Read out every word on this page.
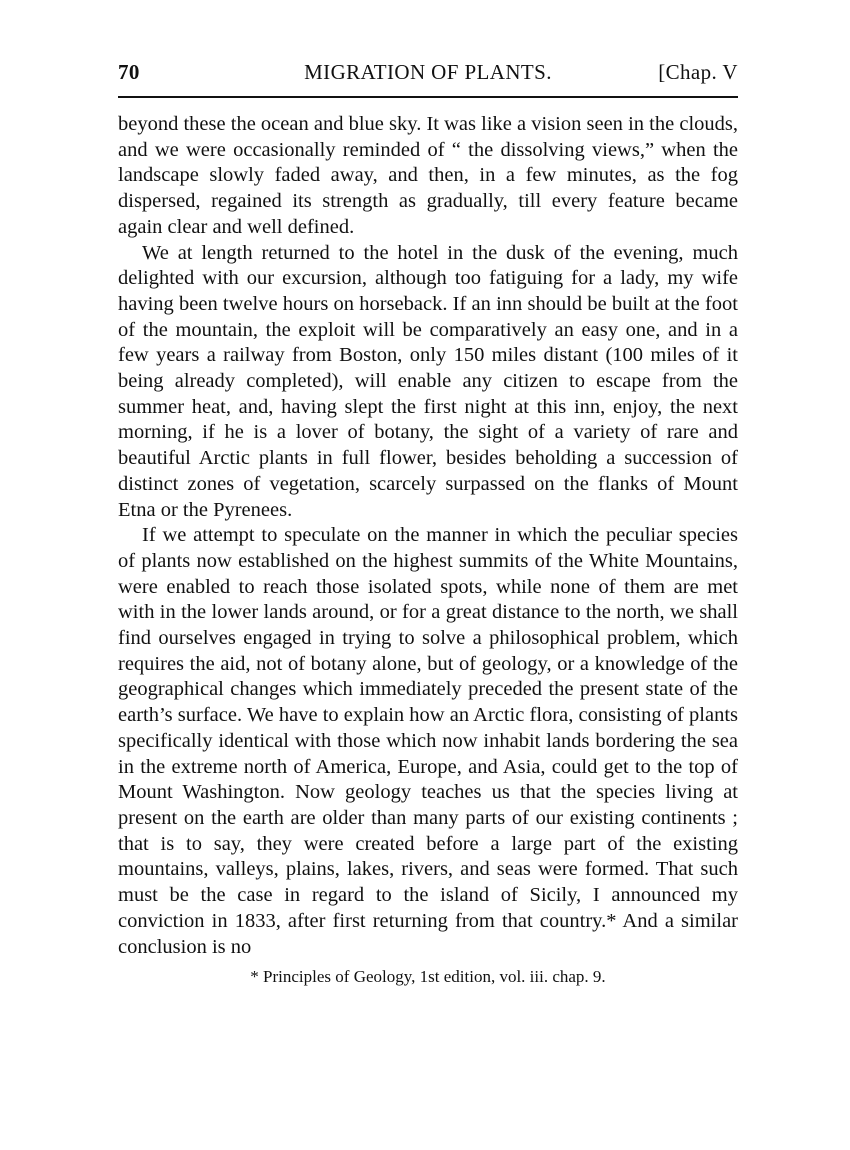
70	MIGRATION OF PLANTS.	[Chap. V

beyond these the ocean and blue sky. It was like a vision seen in the clouds, and we were occasionally reminded of “ the dissolving views,” when the landscape slowly faded away, and then, in a few minutes, as the fog dispersed, regained its strength as gradually, till every feature became again clear and well defined.

We at length returned to the hotel in the dusk of the evening, much delighted with our excursion, although too fatiguing for a lady, my wife having been twelve hours on horseback. If an inn should be built at the foot of the mountain, the exploit will be comparatively an easy one, and in a few years a railway from Boston, only 150 miles distant (100 miles of it being already completed), will enable any citizen to escape from the summer heat, and, having slept the first night at this inn, enjoy, the next morning, if he is a lover of botany, the sight of a variety of rare and beautiful Arctic plants in full flower, besides beholding a succession of distinct zones of vegetation, scarcely surpassed on the flanks of Mount Etna or the Pyrenees.

If we attempt to speculate on the manner in which the peculiar species of plants now established on the highest summits of the White Mountains, were enabled to reach those isolated spots, while none of them are met with in the lower lands around, or for a great distance to the north, we shall find ourselves engaged in trying to solve a philosophical problem, which requires the aid, not of botany alone, but of geology, or a knowledge of the geographical changes which immediately preceded the present state of the earth’s surface. We have to explain how an Arctic flora, consisting of plants specifically identical with those which now inhabit lands bordering the sea in the extreme north of America, Europe, and Asia, could get to the top of Mount Washington. Now geology teaches us that the species living at present on the earth are older than many parts of our existing continents ; that is to say, they were created before a large part of the existing mountains, valleys, plains, lakes, rivers, and seas were formed. That such must be the case in regard to the island of Sicily, I announced my conviction in 1833, after first returning from that country.* And a similar conclusion is no

* Principles of Geology, 1st edition, vol. iii. chap. 9.
